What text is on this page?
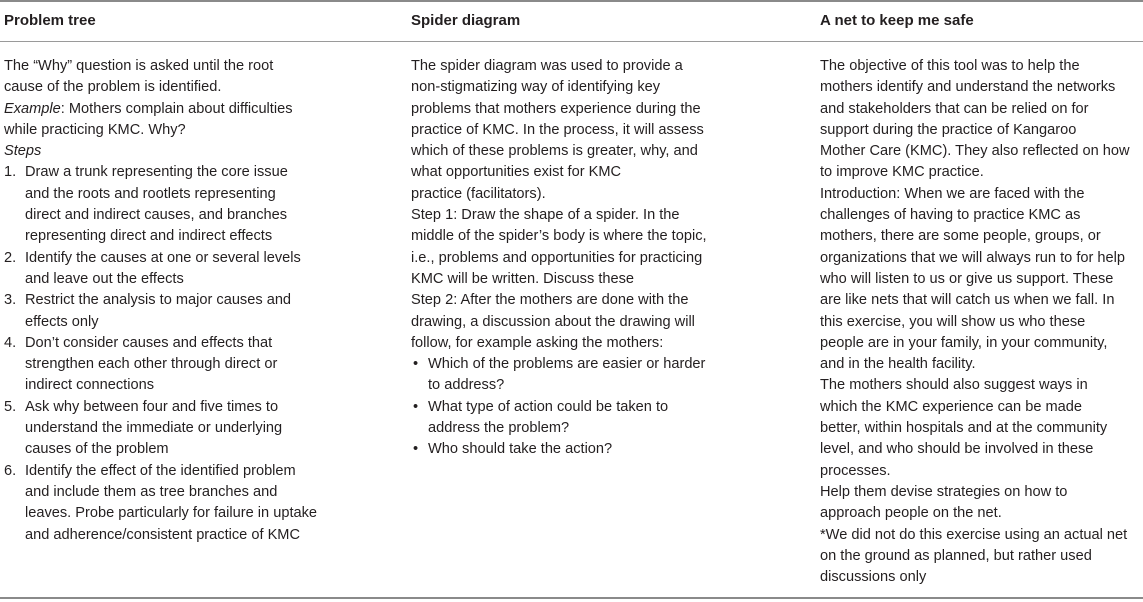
Problem tree	Spider diagram	A net to keep me safe
The “Why” question is asked until the root
cause of the problem is identified.
Example: Mothers complain about difficulties
while practicing KMC. Why?
Steps
1. Draw a trunk representing the core issue
and the roots and rootlets representing
direct and indirect causes, and branches
representing direct and indirect effects
2. Identify the causes at one or several levels
and leave out the effects
3. Restrict the analysis to major causes and
effects only
4. Don’t consider causes and effects that
strengthen each other through direct or
indirect connections
5. Ask why between four and five times to
understand the immediate or underlying
causes of the problem
6. Identify the effect of the identified problem
and include them as tree branches and
leaves. Probe particularly for failure in uptake
and adherence/consistent practice of KMC
The spider diagram was used to provide a
non-stigmatizing way of identifying key
problems that mothers experience during the
practice of KMC. In the process, it will assess
which of these problems is greater, why, and
what opportunities exist for KMC
practice (facilitators).
Step 1: Draw the shape of a spider. In the
middle of the spider’s body is where the topic,
i.e., problems and opportunities for practicing
KMC will be written. Discuss these
Step 2: After the mothers are done with the
drawing, a discussion about the drawing will
follow, for example asking the mothers:
• Which of the problems are easier or harder
to address?
• What type of action could be taken to
address the problem?
• Who should take the action?
The objective of this tool was to help the
mothers identify and understand the networks
and stakeholders that can be relied on for
support during the practice of Kangaroo
Mother Care (KMC). They also reflected on how
to improve KMC practice.
Introduction: When we are faced with the
challenges of having to practice KMC as
mothers, there are some people, groups, or
organizations that we will always run to for help
who will listen to us or give us support. These
are like nets that will catch us when we fall. In
this exercise, you will show us who these
people are in your family, in your community,
and in the health facility.
The mothers should also suggest ways in
which the KMC experience can be made
better, within hospitals and at the community
level, and who should be involved in these
processes.
Help them devise strategies on how to
approach people on the net.
*We did not do this exercise using an actual net
on the ground as planned, but rather used
discussions only
